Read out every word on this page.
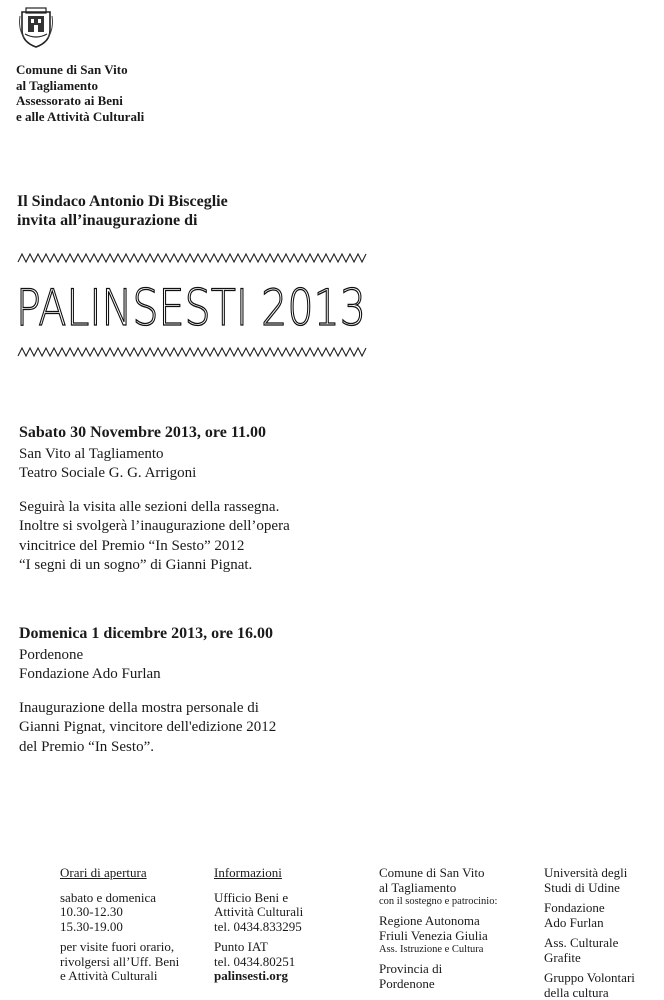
Comune di San Vito
al Tagliamento
Assessorato ai Beni
e alle Attività Culturali
Il Sindaco Antonio Di Bisceglie
invita all’inaugurazione di
PALINSESTI 2013

Sabato 30 Novembre 2013, ore 11.00

San Vito al Tagliamento

Teatro Sociale G. G. Arrigoni

Seguirà la visita alle sezioni della rassegna.

Inoltre si svolgerà l’inaugurazione dell’opera

vincitrice del Premio “In Sesto” 2012

“I segni di un sogno” di Gianni Pignat.

Domenica 1 dicembre 2013, ore 16.00

Pordenone

Fondazione Ado Furlan

Inaugurazione della mostra personale di

Gianni Pignat, vincitore dell'edizione 2012

del Premio “In Sesto”.

Orari di apertura
sabato e domenica
10.30-12.30
15.30-19.00
per visite fuori orario,
rivolgersi all’Uff. Beni
e Attività Culturali
Informazioni
Ufficio Beni e
Attività Culturali
tel. 0434.833295
Punto IAT
tel. 0434.80251
palinsesti.org
Comune di San Vito
al Tagliamento
con il sostegno e patrocinio:
Regione Autonoma
Friuli Venezia Giulia
Ass. Istruzione e Cultura
Provincia di
Pordenone
Università degli
Studi di Udine
Fondazione
Ado Furlan
Ass. Culturale
Grafite
Gruppo Volontari
della cultura
